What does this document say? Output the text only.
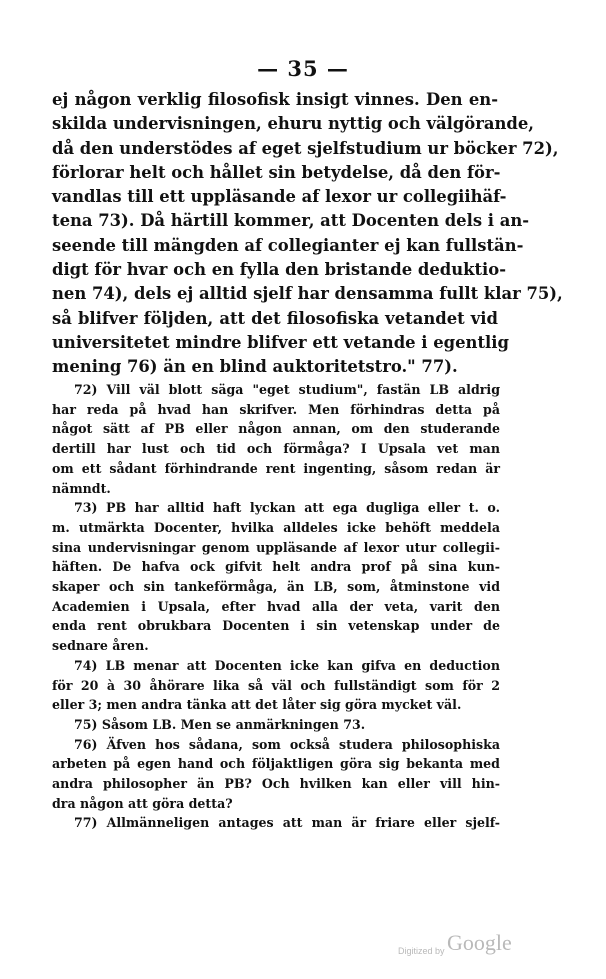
— 35 —
ej någon verklig filosofisk insigt vinnes. Den en-
skilda undervisningen, ehuru nyttig och välgörande,
då den understödes af eget sjelfstudium ur böcker 72),
förlorar helt och hållet sin betydelse, då den för-
vandlas till ett uppläsande af lexor ur collegiihäf-
tena 73). Då härtill kommer, att Docenten dels i an-
seende till mängden af collegianter ej kan fullstän-
digt för hvar och en fylla den bristande deduktio-
nen 74), dels ej alltid sjelf har densamma fullt klar 75),
så blifver följden, att det filosofiska vetandet vid
universitetet mindre blifver ett vetande i egentlig
mening 76) än en blind auktoritetstro." 77).
72) Vill väl blott säga "eget studium", fastän LB aldrig
har reda på hvad han skrifver. Men förhindras detta på
något sätt af PB eller någon annan, om den studerande
dertill har lust och tid och förmåga? I Upsala vet man
om ett sådant förhindrande rent ingenting, såsom redan är
nämndt.
73) PB har alltid haft lyckan att ega dugliga eller t. o.
m. utmärkta Docenter, hvilka alldeles icke behöft meddela
sina undervisningar genom uppläsande af lexor utur collegii-
häften. De hafva ock gifvit helt andra prof på sina kun-
skaper och sin tankeförmåga, än LB, som, åtminstone vid
Academien i Upsala, efter hvad alla der veta, varit den
enda rent obrukbara Docenten i sin vetenskap under de
sednare åren.
74) LB menar att Docenten icke kan gifva en deduction
för 20 à 30 åhörare lika så väl och fullständigt som för 2
eller 3; men andra tänka att det låter sig göra mycket väl.
75) Såsom LB. Men se anmärkningen 73.
76) Äfven hos sådana, som också studera philosophiska
arbeten på egen hand och följaktligen göra sig bekanta med
andra philosopher än PB? Och hvilken kan eller vill hin-
dra någon att göra detta?
77) Allmänneligen antages att man är friare eller sjelf-
Digitized by Google
